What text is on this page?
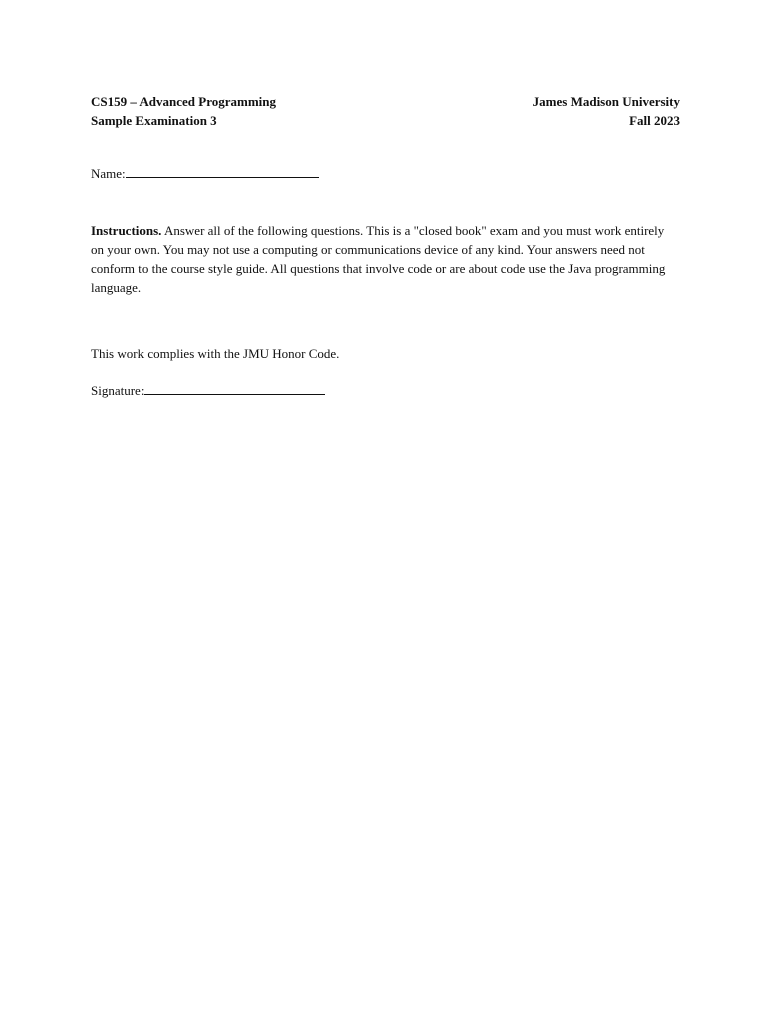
CS159 – Advanced Programming
Sample Examination 3
James Madison University
Fall 2023
Name:
Instructions. Answer all of the following questions. This is a "closed book" exam and you must work entirely on your own. You may not use a computing or communications device of any kind. Your answers need not conform to the course style guide. All questions that involve code or are about code use the Java programming language.
This work complies with the JMU Honor Code.
Signature:
